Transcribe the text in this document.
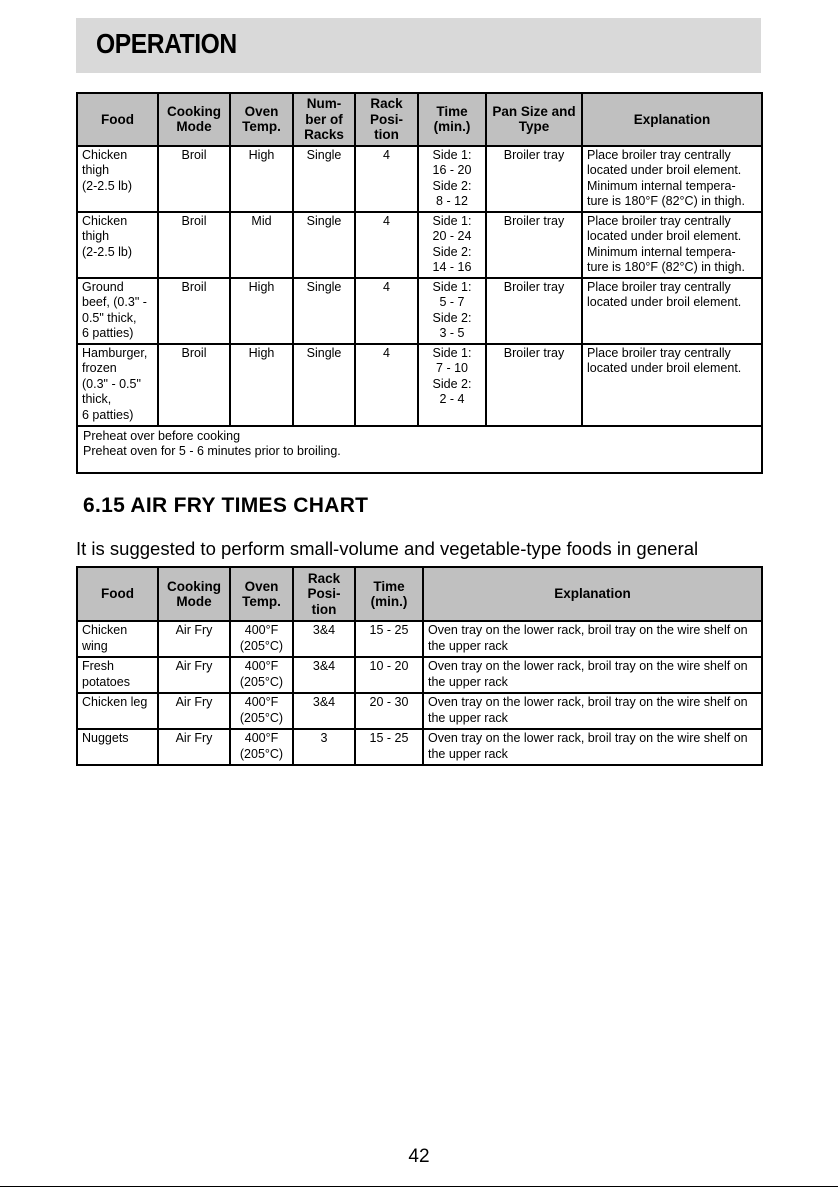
OPERATION
Food	Cooking Mode	Oven Temp.	Num-
ber of Racks	Rack Posi-
tion	Time (min.)	Pan Size and Type	Explanation
Chicken
thigh
(2-2.5 lb)	Broil	High	Single	4	Side 1:
16 - 20
Side 2:
8 - 12	Broiler tray	Place broiler tray centrally located under broil element. Minimum internal tempera-ture is 180°F (82°C) in thigh.
Chicken
thigh
(2-2.5 lb)	Broil	Mid	Single	4	Side 1:
20 - 24
Side 2:
14 - 16	Broiler tray	Place broiler tray centrally located under broil element. Minimum internal tempera-ture is 180°F (82°C) in thigh.
Ground
beef, (0.3" -
0.5" thick,
6 patties)	Broil	High	Single	4	Side 1:
5 - 7
Side 2:
3 - 5	Broiler tray	Place broiler tray centrally located under broil element.
Hamburger,
frozen
(0.3" - 0.5"
thick,
6 patties)	Broil	High	Single	4	Side 1:
7 - 10
Side 2:
2 - 4	Broiler tray	Place broiler tray centrally located under broil element.
Preheat over before cooking
Preheat oven for 5 - 6 minutes prior to broiling.							
6.15 AIR FRY TIMES CHART
It is suggested to perform small-volume and vegetable-type foods in general
Food	Cooking Mode	Oven Temp.	Rack Posi-
tion	Time (min.)	Explanation
Chicken
wing	Air Fry	400°F
(205°C)	3&4	15 - 25	Oven tray on the lower rack, broil tray on the wire shelf on the upper rack
Fresh
potatoes	Air Fry	400°F
(205°C)	3&4	10 - 20	Oven tray on the lower rack, broil tray on the wire shelf on the upper rack
Chicken leg	Air Fry	400°F
(205°C)	3&4	20 - 30	Oven tray on the lower rack, broil tray on the wire shelf on the upper rack
Nuggets	Air Fry	400°F
(205°C)	3	15 - 25	Oven tray on the lower rack, broil tray on the wire shelf on the upper rack
42
